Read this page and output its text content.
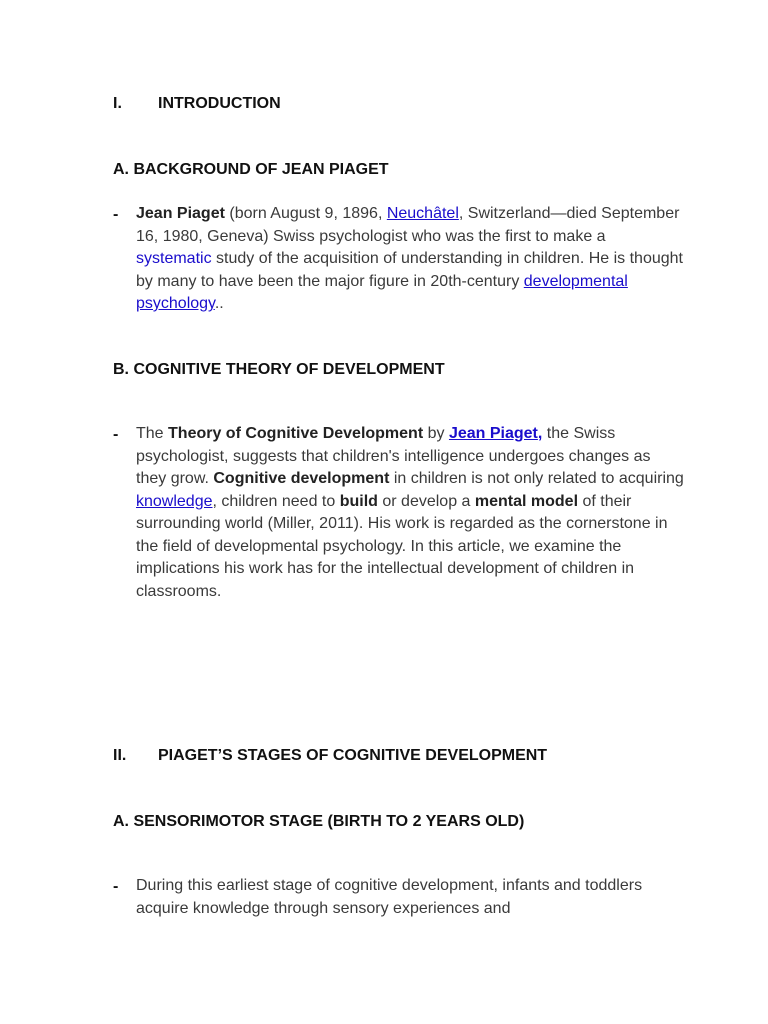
I. INTRODUCTION
A. BACKGROUND OF JEAN PIAGET
- Jean Piaget (born August 9, 1896, Neuchâtel, Switzerland—died September 16, 1980, Geneva) Swiss psychologist who was the first to make a systematic study of the acquisition of understanding in children. He is thought by many to have been the major figure in 20th-century developmental psychology..
B. COGNITIVE THEORY OF DEVELOPMENT
- The Theory of Cognitive Development by Jean Piaget, the Swiss psychologist, suggests that children's intelligence undergoes changes as they grow. Cognitive development in children is not only related to acquiring knowledge, children need to build or develop a mental model of their surrounding world (Miller, 2011). His work is regarded as the cornerstone in the field of developmental psychology. In this article, we examine the implications his work has for the intellectual development of children in classrooms.
II. PIAGET’S STAGES OF COGNITIVE DEVELOPMENT
A. SENSORIMOTOR STAGE (BIRTH TO 2 YEARS OLD)
- During this earliest stage of cognitive development, infants and toddlers acquire knowledge through sensory experiences and
